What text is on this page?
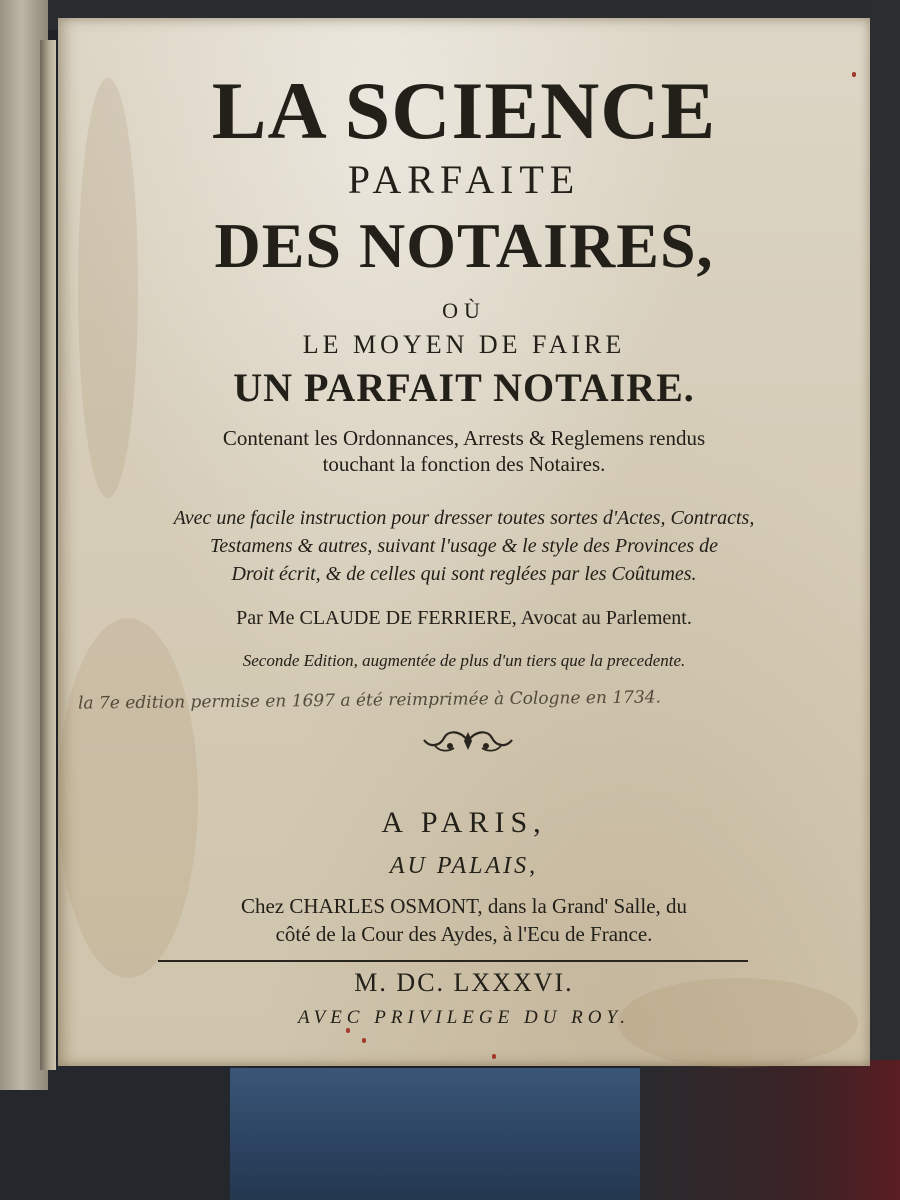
LA SCIENCE
PARFAITE
DES NOTAIRES,
OÙ
LE MOYEN DE FAIRE
UN PARFAIT NOTAIRE.
Contenant les Ordonnances, Arrests & Reglemens rendus
touchant la fonction des Notaires.
Avec une facile instruction pour dresser toutes sortes d'Actes, Contracts,
Testamens & autres, suivant l'usage & le style des Provinces de
Droit écrit, & de celles qui sont reglées par les Coûtumes.
Par Me CLAUDE DE FERRIERE, Avocat au Parlement.
Seconde Edition, augmentée de plus d'un tiers que la precedente.
la 7e edition permise en 1697 a été reimprimée à Cologne en 1734.
A PARIS,
AU PALAIS,
Chez CHARLES OSMONT, dans la Grand' Salle, du
côté de la Cour des Aydes, à l'Ecu de France.
M. DC. LXXXVI.
AVEC PRIVILEGE DU ROY.
